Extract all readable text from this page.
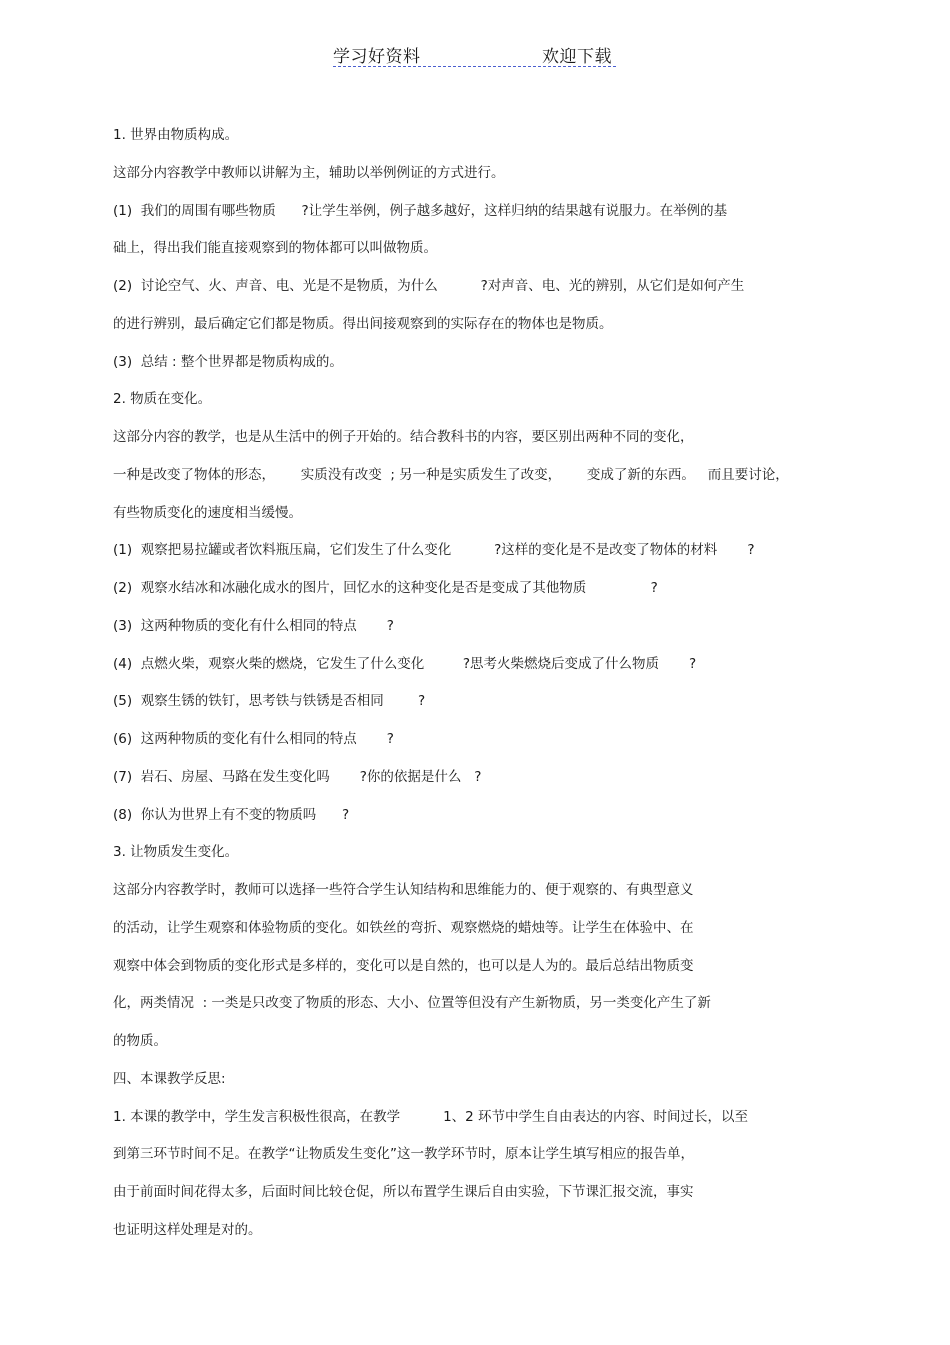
学习好资料	欢迎下载
1. 世界由物质构成。
这部分内容教学中教师以讲解为主，辅助以举例例证的方式进行。
(1)  我们的周围有哪些物质      ?让学生举例，例子越多越好，这样归纳的结果越有说服力。在举例的基
础上，得出我们能直接观察到的物体都可以叫做物质。
(2)  讨论空气、火、声音、电、光是不是物质，为什么          ?对声音、电、光的辨别，从它们是如何产生
的进行辨别，最后确定它们都是物质。得出间接观察到的实际存在的物体也是物质。
(3)  总结 : 整个世界都是物质构成的。
2. 物质在变化。
这部分内容的教学，也是从生活中的例子开始的。结合教科书的内容，要区别出两种不同的变化，
一种是改变了物体的形态，      实质没有改变  ; 另一种是实质发生了改变，      变成了新的东西。   而且要讨论，
有些物质变化的速度相当缓慢。
(1)  观察把易拉罐或者饮料瓶压扁，它们发生了什么变化          ?这样的变化是不是改变了物体的材料       ?
(2)  观察水结冰和冰融化成水的图片，回忆水的这种变化是否是变成了其他物质               ?
(3)  这两种物质的变化有什么相同的特点       ?
(4)  点燃火柴，观察火柴的燃烧，它发生了什么变化         ?思考火柴燃烧后变成了什么物质       ?
(5)  观察生锈的铁钉，思考铁与铁锈是否相同        ?
(6)  这两种物质的变化有什么相同的特点       ?
(7)  岩石、房屋、马路在发生变化吗       ?你的依据是什么   ?
(8)  你认为世界上有不变的物质吗      ?
3. 让物质发生变化。
这部分内容教学时，教师可以选择一些符合学生认知结构和思维能力的、便于观察的、有典型意义
的活动，让学生观察和体验物质的变化。如铁丝的弯折、观察燃烧的蜡烛等。让学生在体验中、在
观察中体会到物质的变化形式是多样的，变化可以是自然的，也可以是人为的。最后总结出物质变
化，两类情况  : 一类是只改变了物质的形态、大小、位置等但没有产生新物质，另一类变化产生了新
的物质。
四、本课教学反思:
1. 本课的教学中，学生发言积极性很高，在教学          1、2 环节中学生自由表达的内容、时间过长，以至
到第三环节时间不足。在教学“让物质发生变化”这一教学环节时，原本让学生填写相应的报告单，
由于前面时间花得太多，后面时间比较仓促，所以布置学生课后自由实验，下节课汇报交流，事实
也证明这样处理是对的。
